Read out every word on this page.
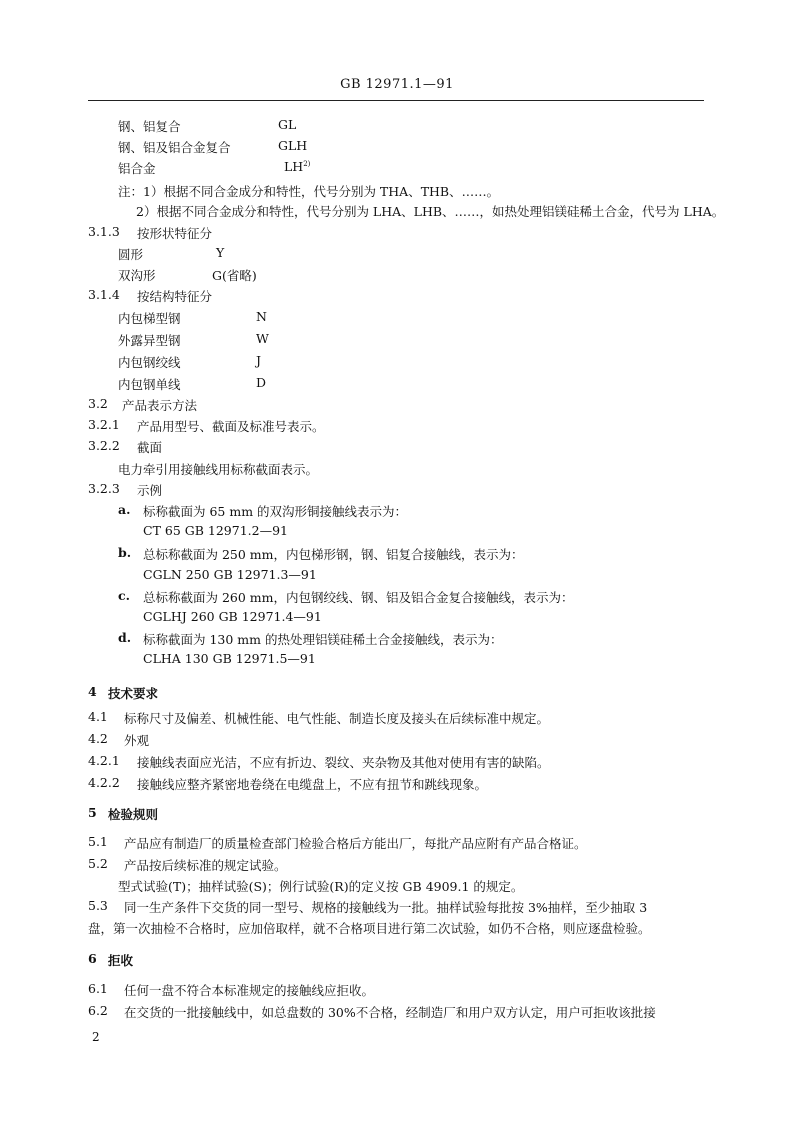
GB 12971.1—91
钢、铝复合	GL
钢、铝及铝合金复合	GLH
铝合金	LH$^{2)}$
注：1）根据不同合金成分和特性，代号分别为 THA、THB、……。
2）根据不同合金成分和特性，代号分别为 LHA、LHB、……，如热处理铝镁硅稀土合金，代号为 LHA。
3.1.3 按形状特征分
圆形	Y
双沟形	G(省略)
3.1.4 按结构特征分
内包梯型钢	N
外露异型钢	W
内包钢绞线	J
内包钢单线	D
3.2 产品表示方法
3.2.1 产品用型号、截面及标准号表示。
3.2.2 截面
电力牵引用接触线用标称截面表示。
3.2.3 示例
a. 标称截面为 65 mm 的双沟形铜接触线表示为：
CT 65 GB 12971.2—91
b. 总标称截面为 250 mm，内包梯形钢，钢、铝复合接触线，表示为：
CGLN 250 GB 12971.3—91
c. 总标称截面为 260 mm，内包钢绞线、钢、铝及铝合金复合接触线，表示为：
CGLHJ 260 GB 12971.4—91
d. 标称截面为 130 mm 的热处理铝镁硅稀土合金接触线，表示为：
CLHA 130 GB 12971.5—91
4 技术要求
4.1 标称尺寸及偏差、机械性能、电气性能、制造长度及接头在后续标准中规定。
4.2 外观
4.2.1 接触线表面应光洁，不应有折边、裂纹、夹杂物及其他对使用有害的缺陷。
4.2.2 接触线应整齐紧密地卷绕在电缆盘上，不应有扭节和跳线现象。
5 检验规则
5.1 产品应有制造厂的质量检查部门检验合格后方能出厂，每批产品应附有产品合格证。
5.2 产品按后续标准的规定试验。
型式试验(T)；抽样试验(S)；例行试验(R)的定义按 GB 4909.1 的规定。
5.3 同一生产条件下交货的同一型号、规格的接触线为一批。抽样试验每批按 3%抽样，至少抽取 3
盘，第一次抽检不合格时，应加倍取样，就不合格项目进行第二次试验，如仍不合格，则应逐盘检验。
6 拒收
6.1 任何一盘不符合本标准规定的接触线应拒收。
6.2 在交货的一批接触线中，如总盘数的 30%不合格，经制造厂和用户双方认定，用户可拒收该批接
2
